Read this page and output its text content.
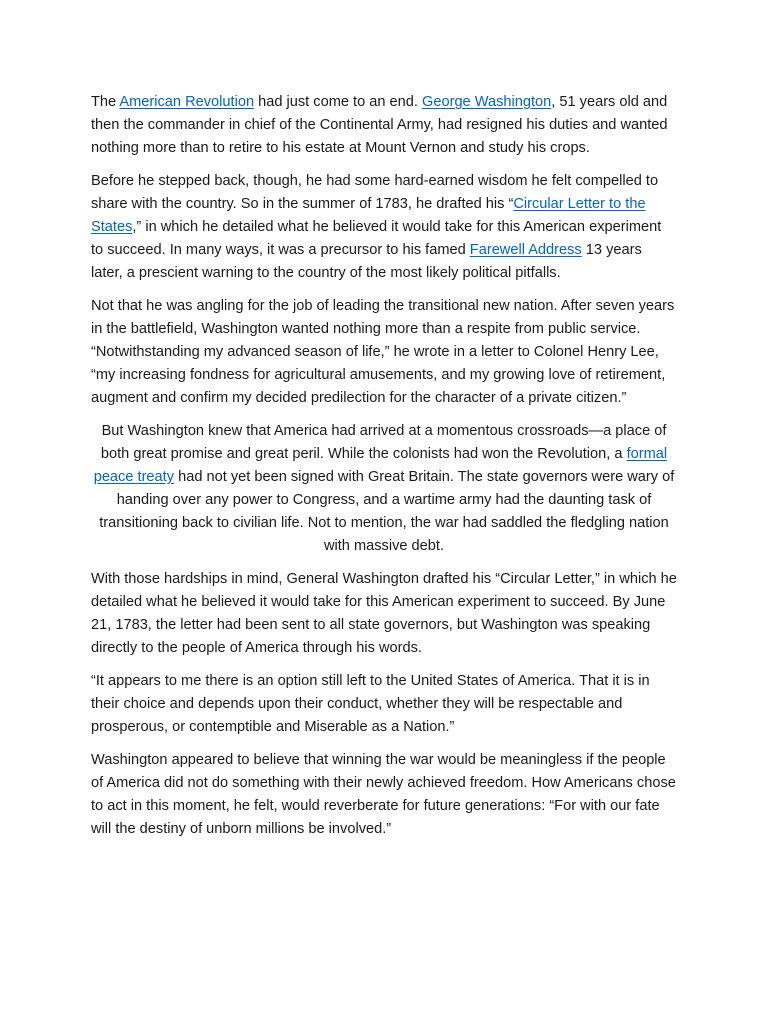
The American Revolution had just come to an end. George Washington, 51 years old and then the commander in chief of the Continental Army, had resigned his duties and wanted nothing more than to retire to his estate at Mount Vernon and study his crops.

Before he stepped back, though, he had some hard-earned wisdom he felt compelled to share with the country. So in the summer of 1783, he drafted his “Circular Letter to the States,” in which he detailed what he believed it would take for this American experiment to succeed. In many ways, it was a precursor to his famed Farewell Address 13 years later, a prescient warning to the country of the most likely political pitfalls.

Not that he was angling for the job of leading the transitional new nation. After seven years in the battlefield, Washington wanted nothing more than a respite from public service. “Notwithstanding my advanced season of life,” he wrote in a letter to Colonel Henry Lee, “my increasing fondness for agricultural amusements, and my growing love of retirement, augment and confirm my decided predilection for the character of a private citizen.”

But Washington knew that America had arrived at a momentous crossroads—a place of both great promise and great peril. While the colonists had won the Revolution, a formal peace treaty had not yet been signed with Great Britain. The state governors were wary of handing over any power to Congress, and a wartime army had the daunting task of transitioning back to civilian life. Not to mention, the war had saddled the fledgling nation with massive debt.

With those hardships in mind, General Washington drafted his “Circular Letter,” in which he detailed what he believed it would take for this American experiment to succeed. By June 21, 1783, the letter had been sent to all state governors, but Washington was speaking directly to the people of America through his words.

“It appears to me there is an option still left to the United States of America. That it is in their choice and depends upon their conduct, whether they will be respectable and prosperous, or contemptible and Miserable as a Nation.”

Washington appeared to believe that winning the war would be meaningless if the people of America did not do something with their newly achieved freedom. How Americans chose to act in this moment, he felt, would reverberate for future generations: “For with our fate will the destiny of unborn millions be involved.”
